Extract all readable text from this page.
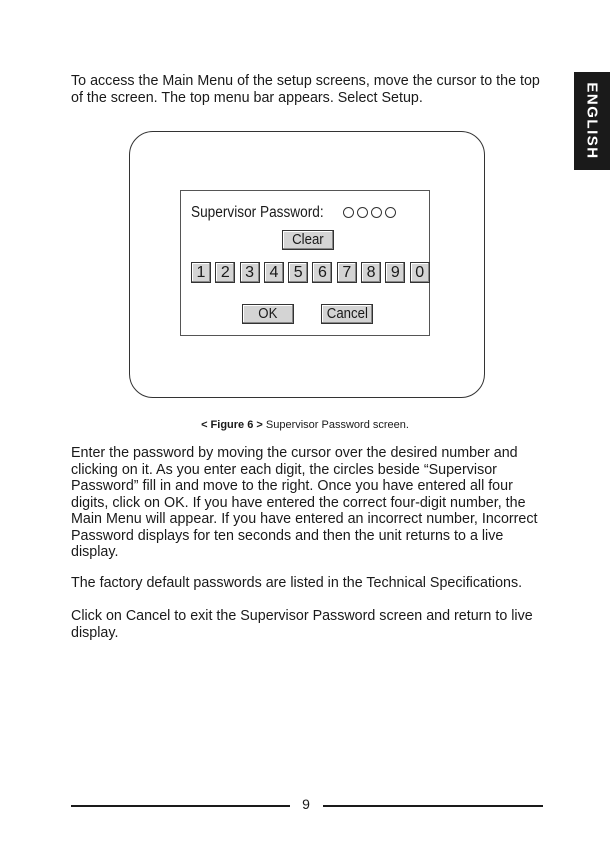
ENGLISH

To access the Main Menu of the setup screens, move the cursor to the top of the screen. The top menu bar appears. Select Setup.

Supervisor Password:
Clear
1 2 3 4 5 6 7 8 9 0
OK	Cancel
< Figure 6 > Supervisor Password screen.

Enter the password by moving the cursor over the desired number and clicking on it. As you enter each digit, the circles beside “Supervisor Password” fill in and move to the right. Once you have entered all four digits, click on OK. If you have entered the correct four-digit number, the Main Menu will appear. If you have entered an incorrect number, Incorrect Password displays for ten seconds and then the unit returns to a live display.

The factory default passwords are listed in the Technical Specifications.

Click on Cancel to exit the Supervisor Password screen and return to live display.

9
